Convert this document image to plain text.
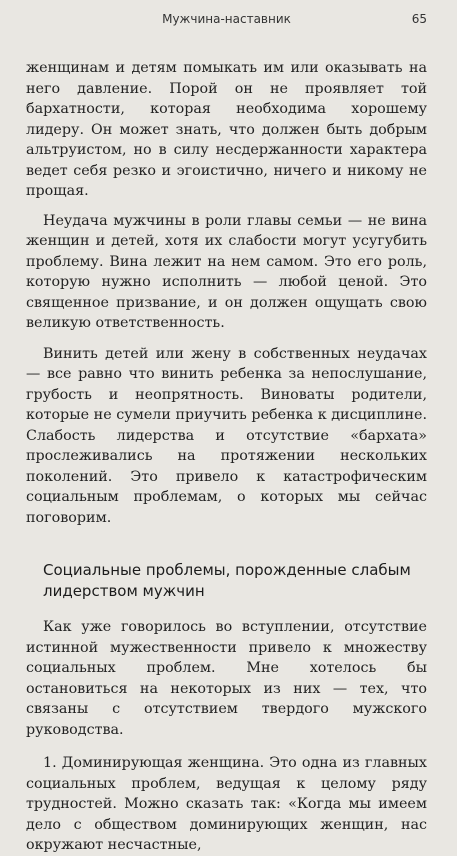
Мужчина-наставник	65

женщинам и детям помыкать им или оказывать на него давление. Порой он не проявляет той бархатности, которая необходима хорошему лидеру. Он может знать, что должен быть добрым альтруистом, но в силу несдержанности характера ведет себя резко и эгоистично, ничего и никому не прощая.

Неудача мужчины в роли главы семьи — не вина женщин и детей, хотя их слабости могут усугубить проблему. Вина лежит на нем самом. Это его роль, которую нужно исполнить — любой ценой. Это священное призвание, и он должен ощущать свою великую ответственность.

Винить детей или жену в собственных неудачах — все равно что винить ребенка за непослушание, грубость и неопрятность. Виноваты родители, которые не сумели приучить ребенка к дисциплине. Слабость лидерства и отсутствие «бархата» прослеживались на протяжении нескольких поколений. Это привело к катастрофическим социальным проблемам, о которых мы сейчас поговорим.

Социальные проблемы, порожденные слабым лидерством мужчин

Как уже говорилось во вступлении, отсутствие истинной мужественности привело к множеству социальных проблем. Мне хотелось бы остановиться на некоторых из них — тех, что связаны с отсутствием твердого мужского руководства.

1. Доминирующая женщина. Это одна из главных социальных проблем, ведущая к целому ряду трудностей. Можно сказать так: «Когда мы имеем дело с обществом доминирующих женщин, нас окружают несчастные,
